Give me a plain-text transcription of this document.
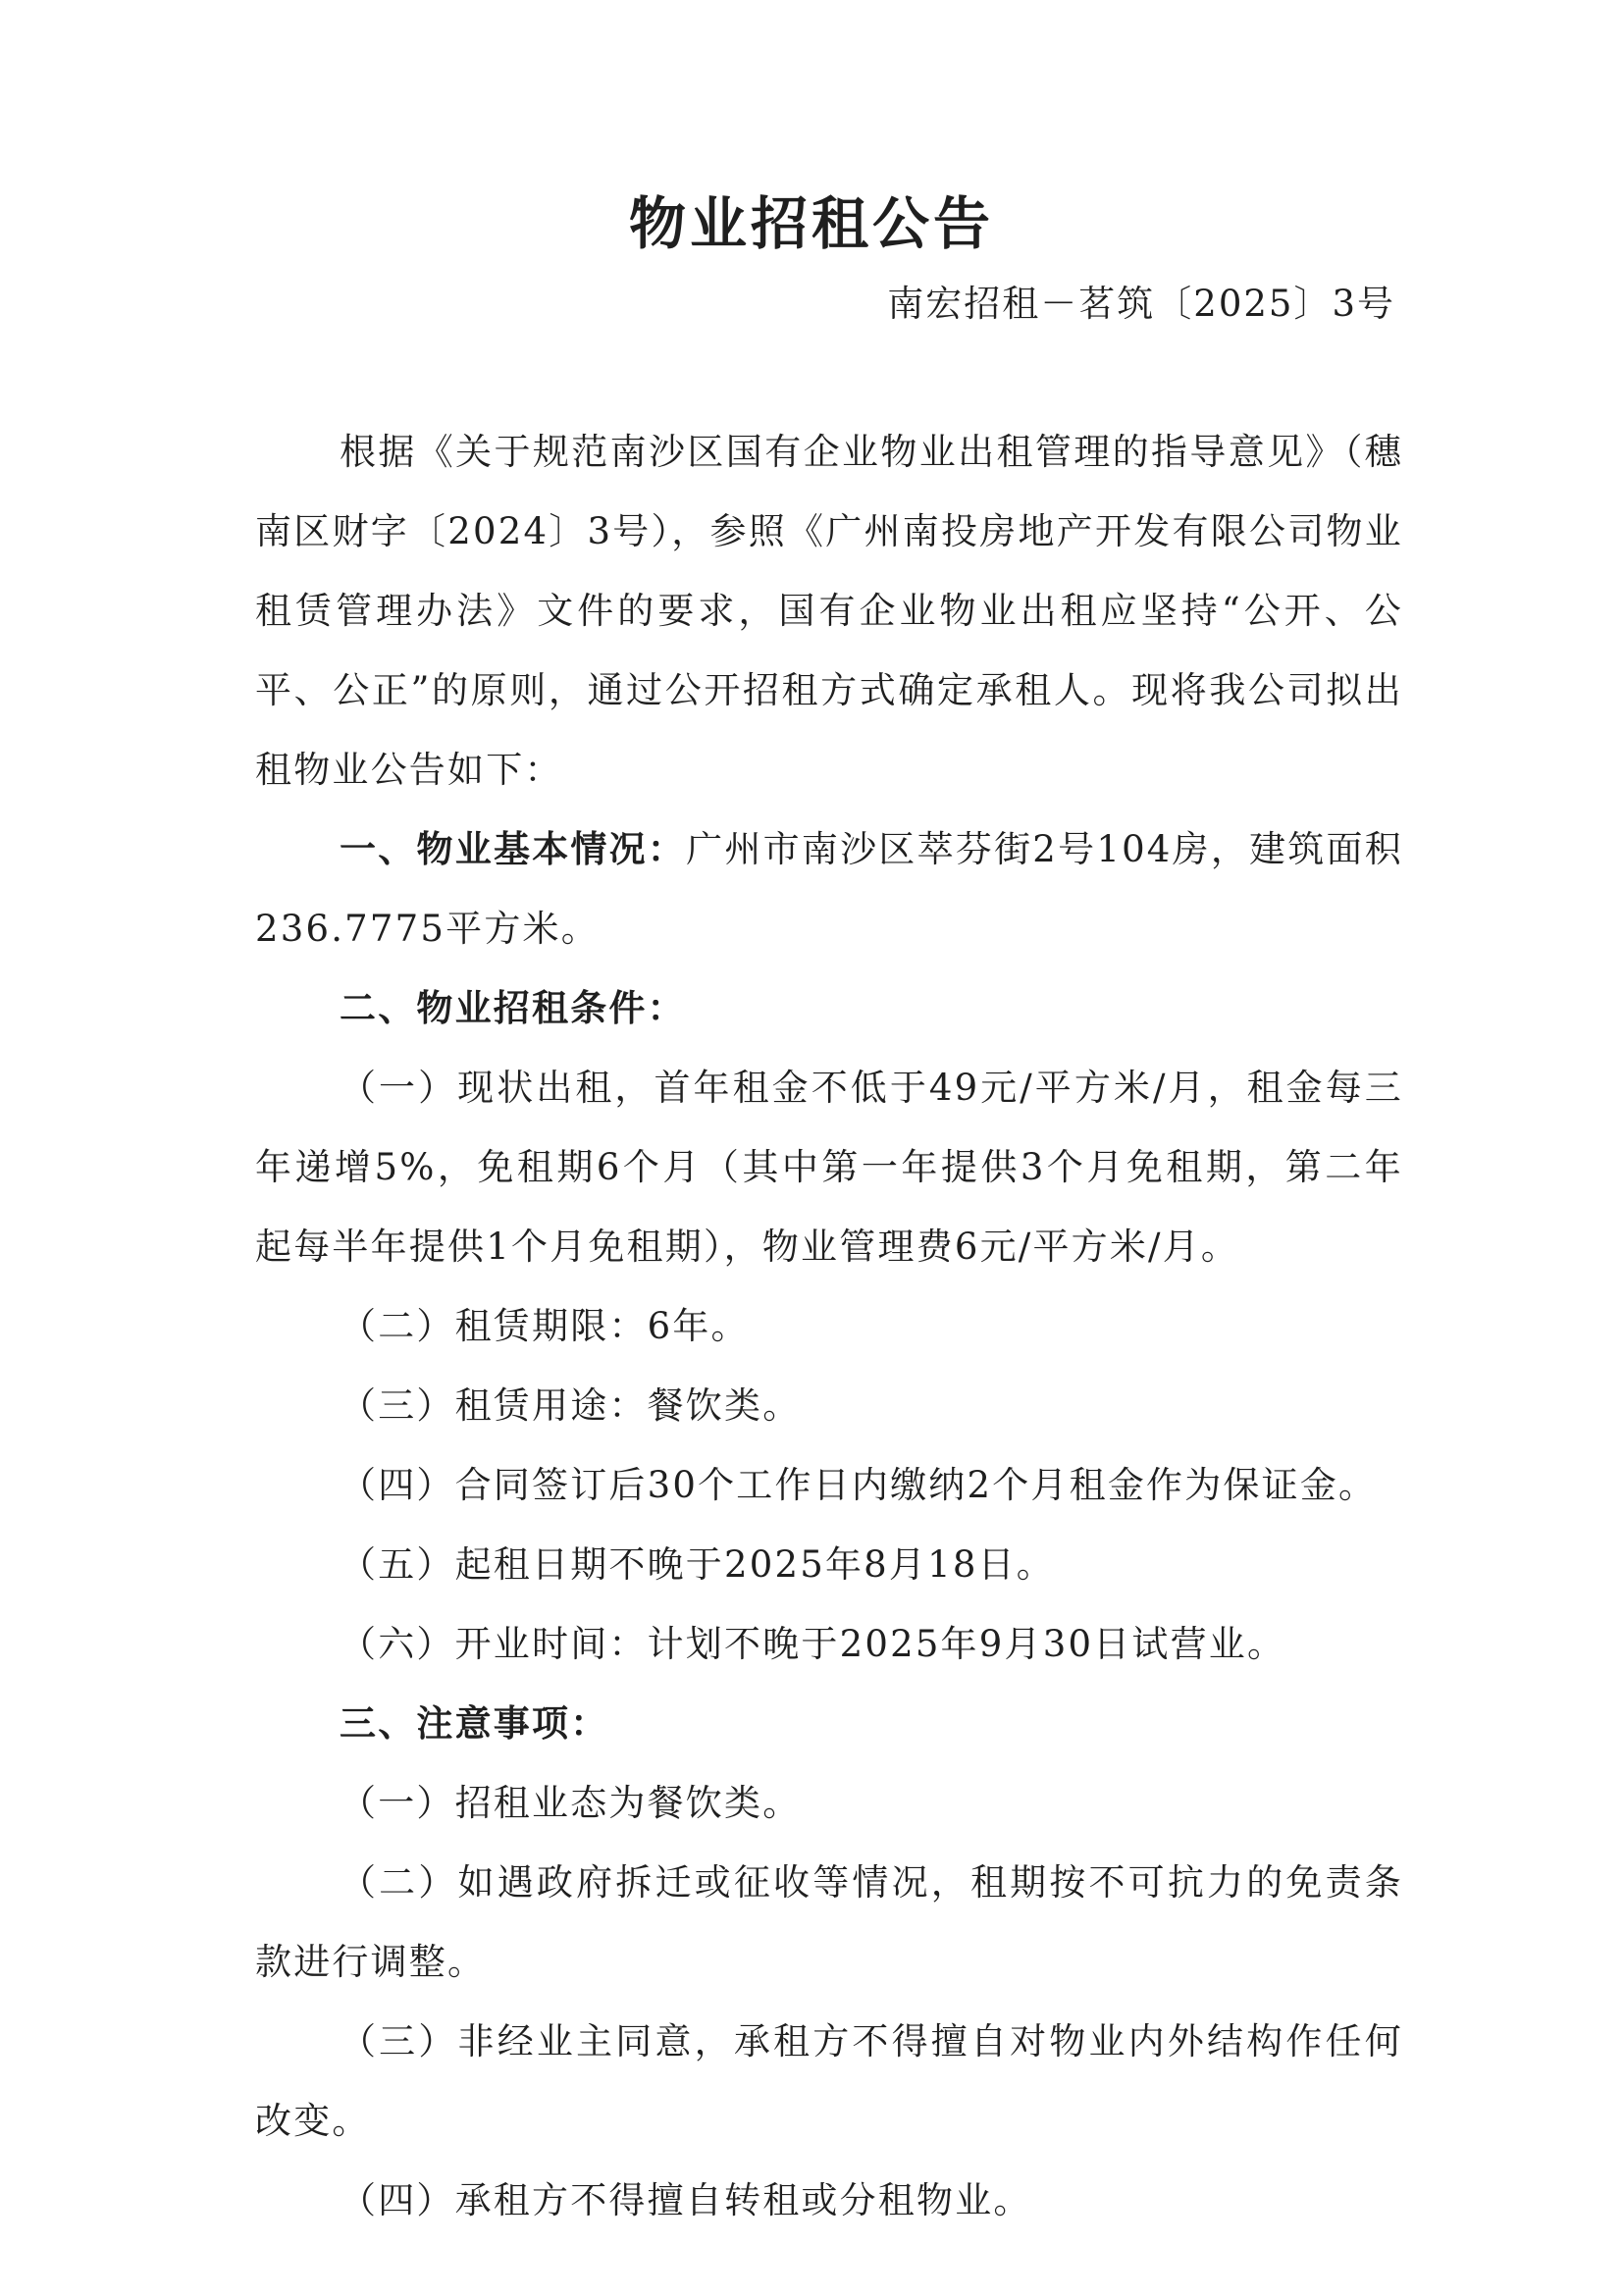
物业招租公告
南宏招租－茗筑〔2025〕3号

根据《关于规范南沙区国有企业物业出租管理的指导意见》（穗南区财字〔2024〕3号），参照《广州南投房地产开发有限公司物业租赁管理办法》文件的要求，国有企业物业出租应坚持“公开、公平、公正”的原则，通过公开招租方式确定承租人。现将我公司拟出租物业公告如下：

一、物业基本情况：广州市南沙区萃芬街2号104房，建筑面积236.7775平方米。

二、物业招租条件：

（一）现状出租，首年租金不低于49元/平方米/月，租金每三年递增5%，免租期6个月（其中第一年提供3个月免租期，第二年起每半年提供1个月免租期），物业管理费6元/平方米/月。

（二）租赁期限：6年。

（三）租赁用途：餐饮类。

（四）合同签订后30个工作日内缴纳2个月租金作为保证金。

（五）起租日期不晚于2025年8月18日。

（六）开业时间：计划不晚于2025年9月30日试营业。

三、注意事项：

（一）招租业态为餐饮类。

（二）如遇政府拆迁或征收等情况，租期按不可抗力的免责条款进行调整。

（三）非经业主同意，承租方不得擅自对物业内外结构作任何改变。

（四）承租方不得擅自转租或分租物业。
